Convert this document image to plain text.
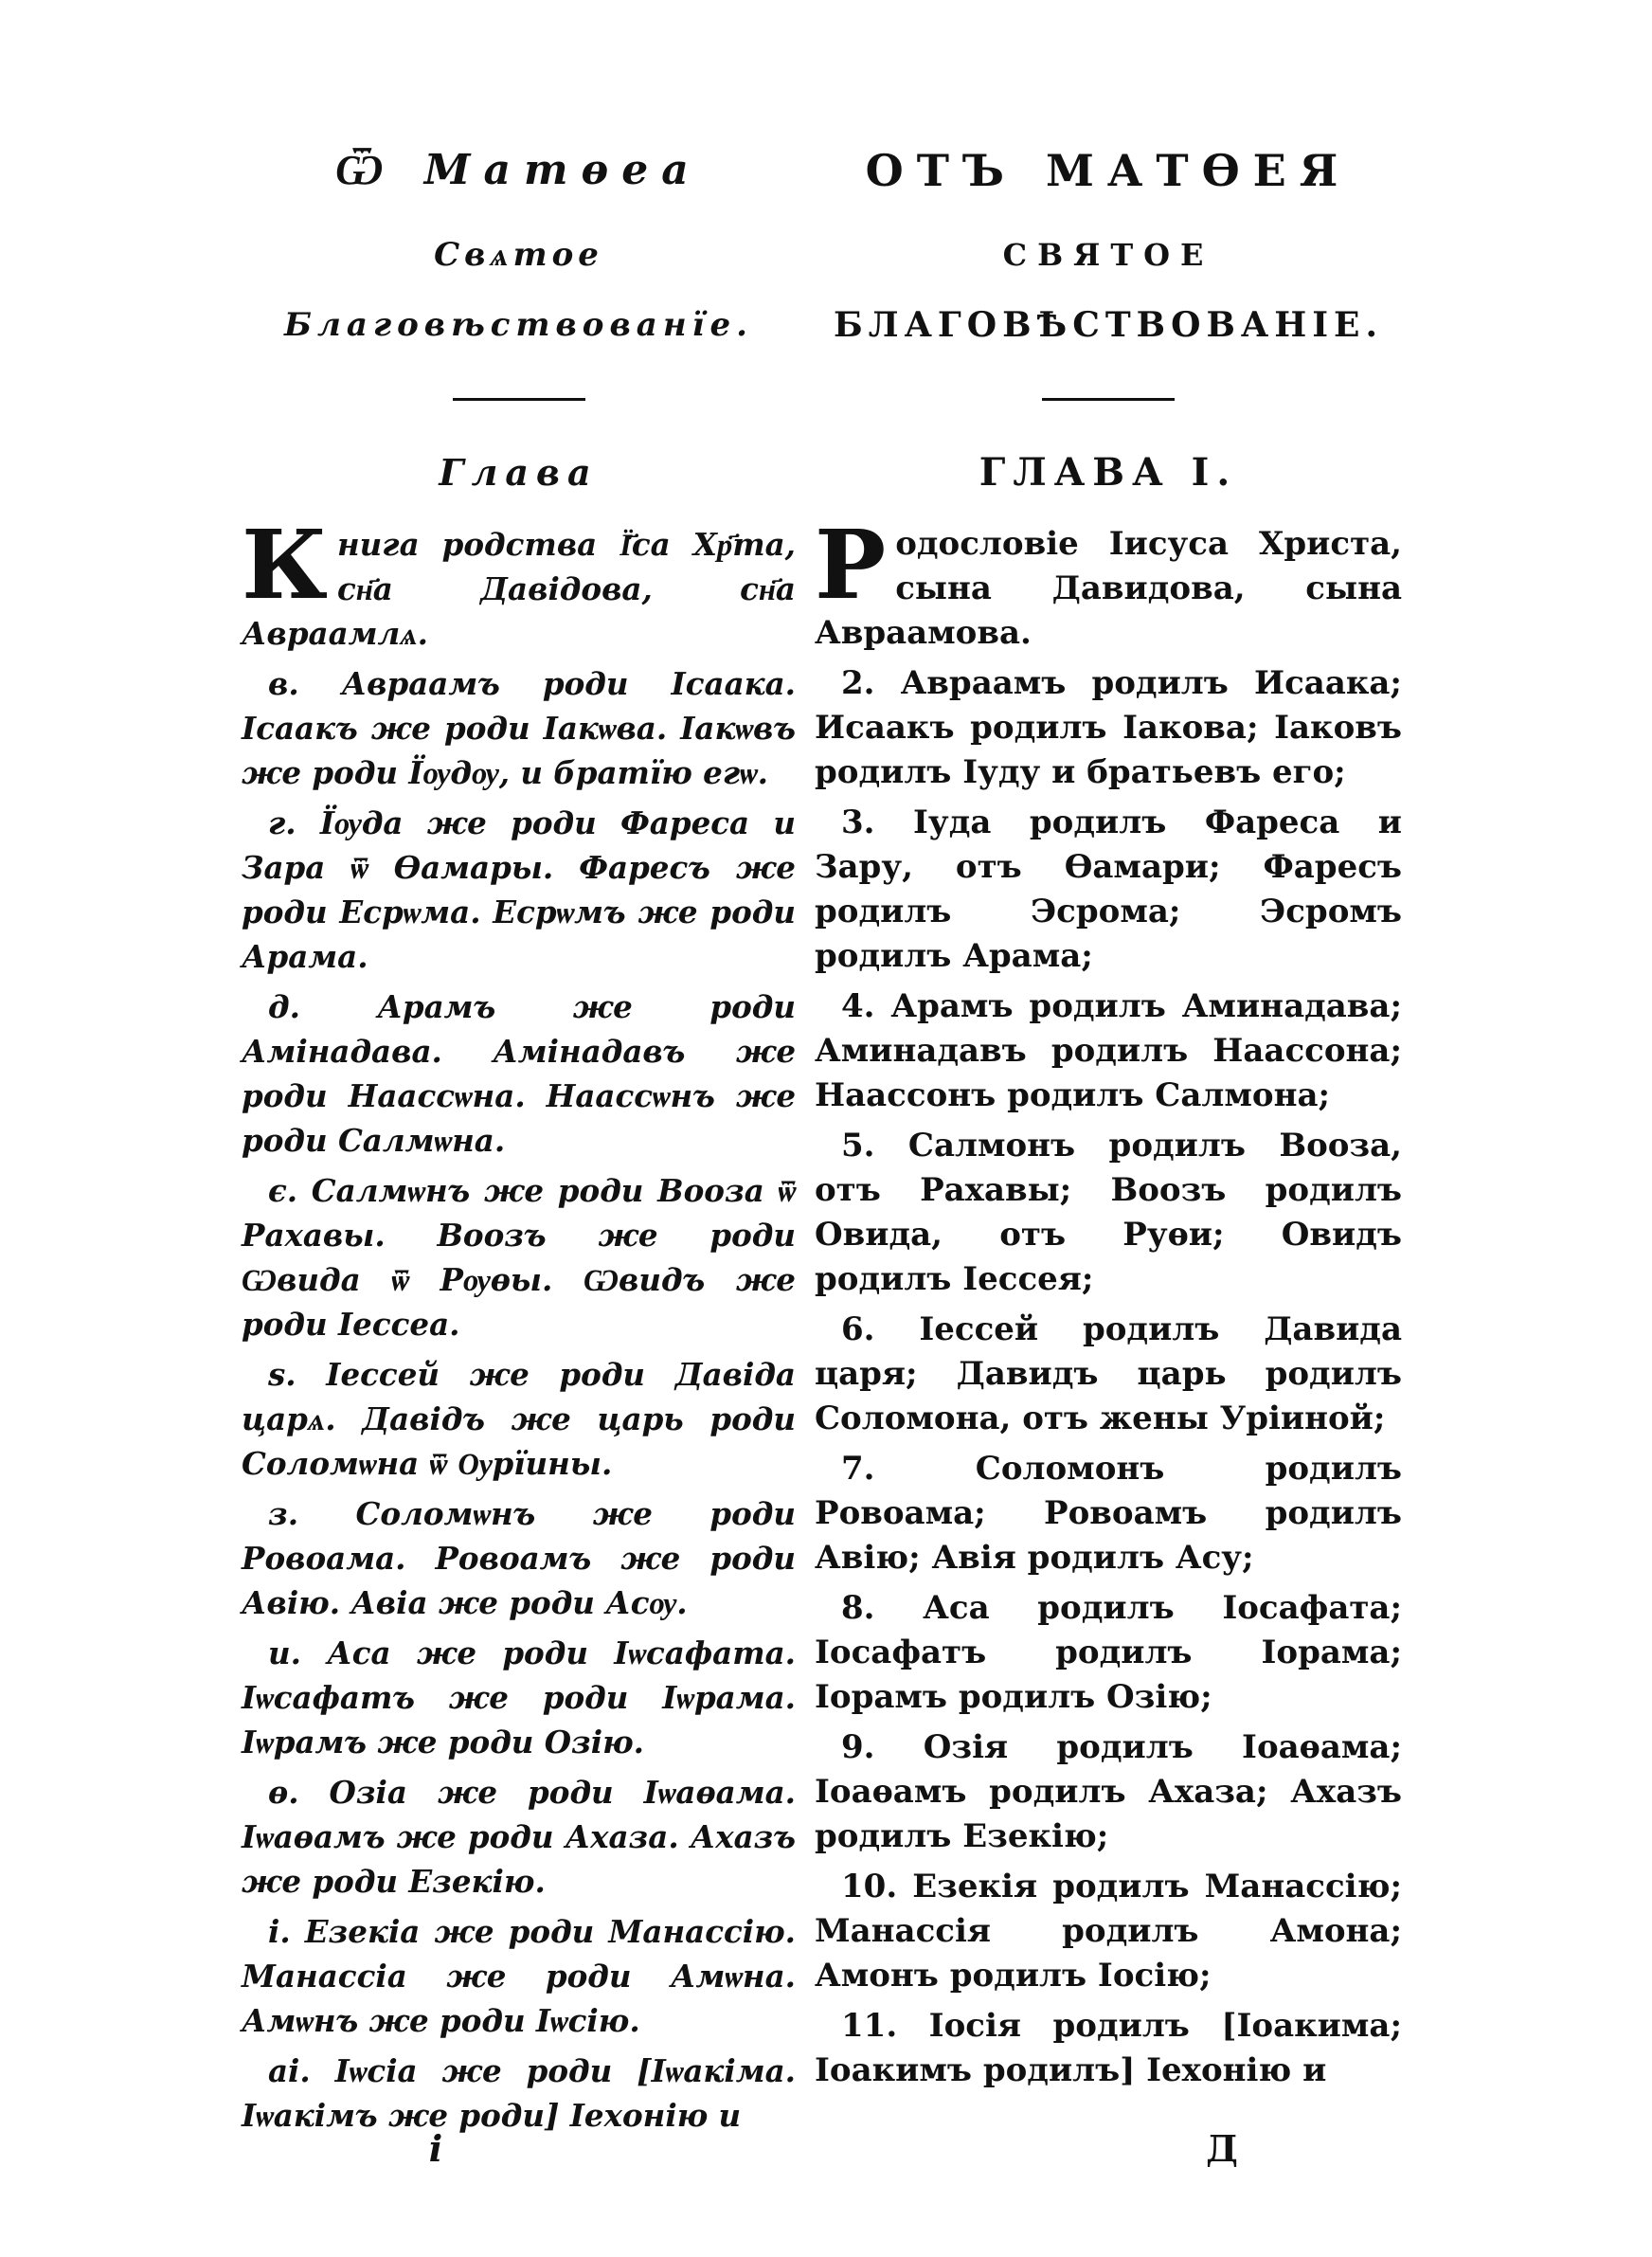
Ѿ Матѳеа
Свѧтое
Благовѣствованїе.
Глава

Книга родства Ї҃са Хр҃та, сн҃а Давідова, сн҃а Авраамлѧ.

в. Авраамъ роди Ісаака. Ісаакъ же роди Іакѡва. Іакѡвъ же роди Їѹдѹ, и братїю егѡ.

г. Їѹда же роди Фареса и Зара ѿ Ѳамары. Фаресъ же роди Есрѡма. Есрѡмъ же роди Арама.

д. Арамъ же роди Амінадава. Амінадавъ же роди Наассѡна. Наассѡнъ же роди Салмѡна.

є. Салмѡнъ же роди Вооза ѿ Рахавы. Воозъ же роди Ѡвида ѿ Рѹѳы. Ѡвидъ же роди Іессеа.

ѕ. Іессей же роди Давіда царѧ. Давідъ же царь роди Соломѡна ѿ Ѹрїины.

з. Соломѡнъ же роди Ровоама. Ровоамъ же роди Авію. Авіа же роди Асѹ.

и. Аса же роди Іѡсафата. Іѡсафатъ же роди Іѡрама. Іѡрамъ же роди Озію.

ѳ. Озіа же роди Іѡаѳама. Іѡаѳамъ же роди Ахаза. Ахазъ же роди Езекію.

і. Езекіа же роди Манассію. Манассіа же роди Амѡна. Амѡнъ же роди Іѡсію.

аі. Іѡсіа же роди [Іѡакіма. Іѡакімъ же роди] Іехонію и

ОТЪ МАТѲЕЯ
СВЯТОЕ
БЛАГОВѢСТВОВАНІЕ.
ГЛАВА І.

Родословіе Іисуса Христа, сына Давидова, сына Авраамова.

2. Авраамъ родилъ Исаака; Исаакъ родилъ Іакова; Іаковъ родилъ Іуду и братьевъ его;

3. Іуда родилъ Фареса и Зару, отъ Ѳамари; Фаресъ родилъ Эсрома; Эсромъ родилъ Арама;

4. Арамъ родилъ Аминадава; Аминадавъ родилъ Наассона; Наассонъ родилъ Салмона;

5. Салмонъ родилъ Вооза, отъ Рахавы; Воозъ родилъ Овида, отъ Руѳи; Овидъ родилъ Іессея;

6. Іессей родилъ Давида царя; Давидъ царь родилъ Соломона, отъ жены Уріиной;

7. Соломонъ родилъ Ровоама; Ровоамъ родилъ Авію; Авія родилъ Асу;

8. Аса родилъ Іосафата; Іосафатъ родилъ Іорама; Іорамъ родилъ Озію;

9. Озія родилъ Іоаѳама; Іоаѳамъ родилъ Ахаза; Ахазъ родилъ Езекію;

10. Езекія родилъ Манассію; Манассія родилъ Амона; Амонъ родилъ Іосію;

11. Іосія родилъ [Іоакима; Іоакимъ родилъ] Іехонію и

і	Д
